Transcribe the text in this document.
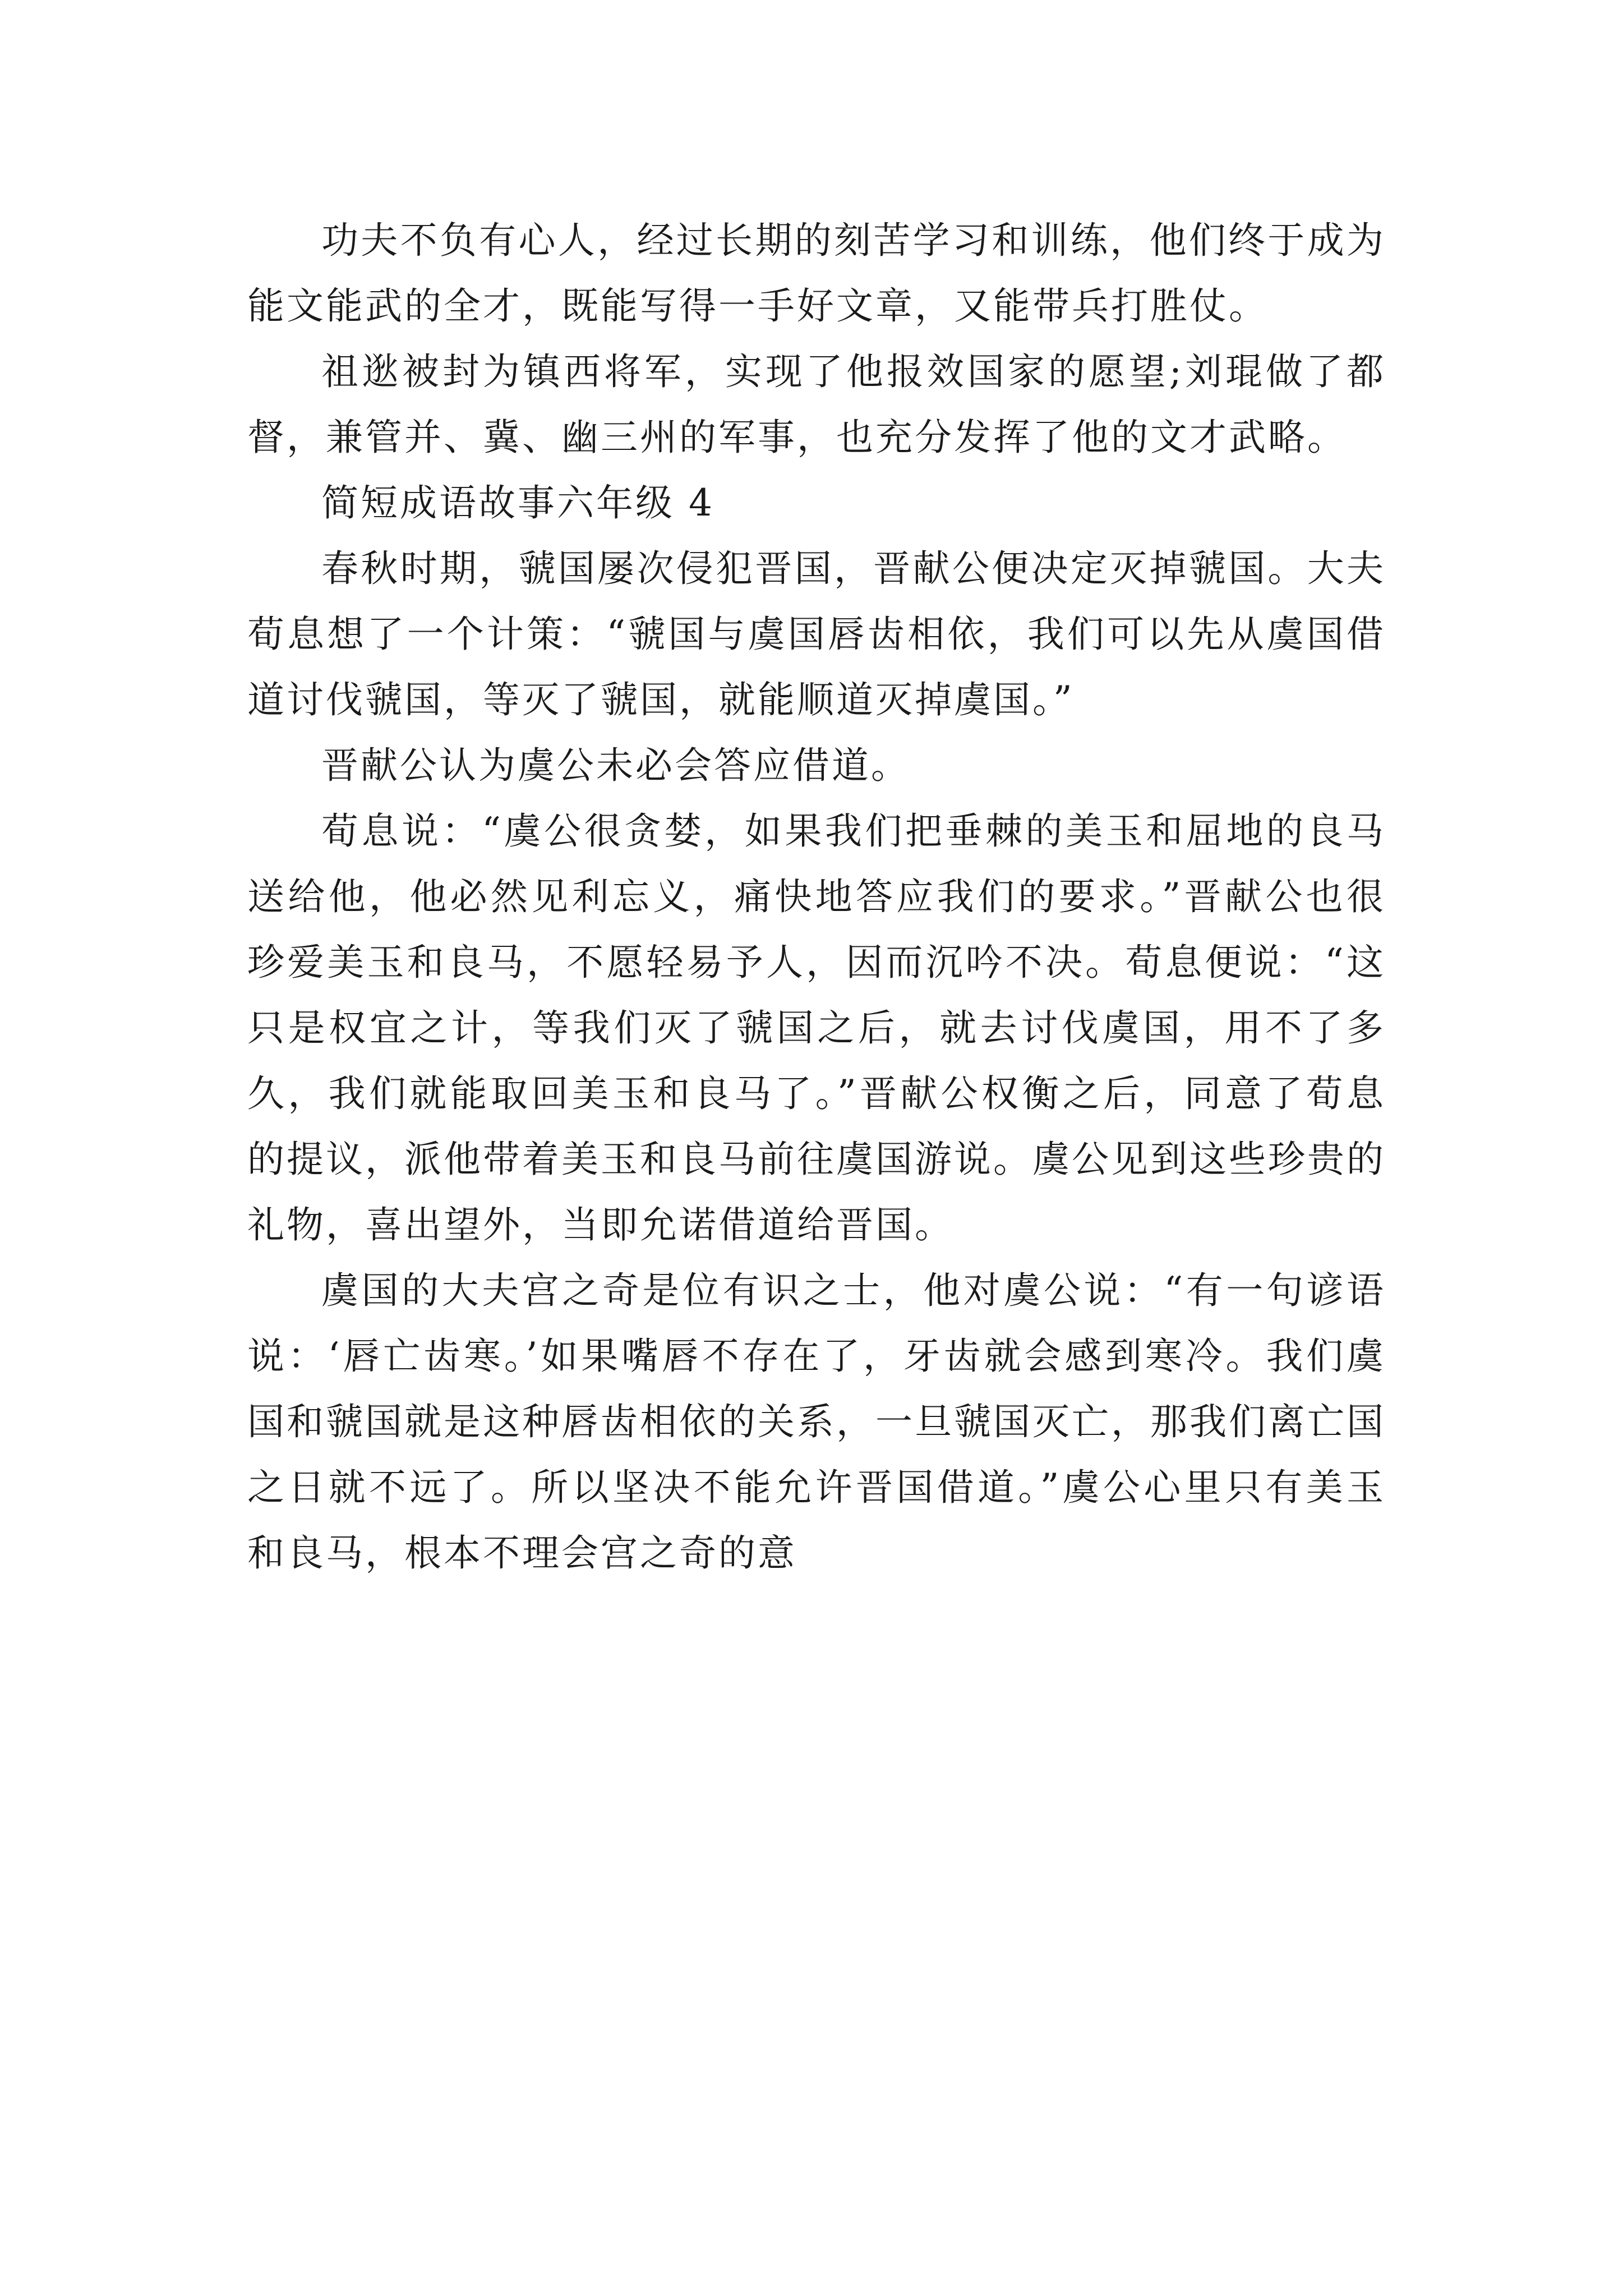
功夫不负有心人，经过长期的刻苦学习和训练，他们终于成为能文能武的全才，既能写得一手好文章，又能带兵打胜仗。

祖逖被封为镇西将军，实现了他报效国家的愿望;刘琨做了都督，兼管并、冀、幽三州的军事，也充分发挥了他的文才武略。

简短成语故事六年级 4

春秋时期，虢国屡次侵犯晋国，晋献公便决定灭掉虢国。大夫荀息想了一个计策：“虢国与虞国唇齿相依，我们可以先从虞国借道讨伐虢国，等灭了虢国，就能顺道灭掉虞国。”

晋献公认为虞公未必会答应借道。

荀息说：“虞公很贪婪，如果我们把垂棘的美玉和屈地的良马送给他，他必然见利忘义，痛快地答应我们的要求。”晋献公也很珍爱美玉和良马，不愿轻易予人，因而沉吟不决。荀息便说：“这只是权宜之计，等我们灭了虢国之后，就去讨伐虞国，用不了多久，我们就能取回美玉和良马了。”晋献公权衡之后，同意了荀息的提议，派他带着美玉和良马前往虞国游说。虞公见到这些珍贵的礼物，喜出望外，当即允诺借道给晋国。

虞国的大夫宫之奇是位有识之士，他对虞公说：“有一句谚语说：‘唇亡齿寒。’如果嘴唇不存在了，牙齿就会感到寒冷。我们虞国和虢国就是这种唇齿相依的关系，一旦虢国灭亡，那我们离亡国之日就不远了。所以坚决不能允许晋国借道。”虞公心里只有美玉和良马，根本不理会宫之奇的意
